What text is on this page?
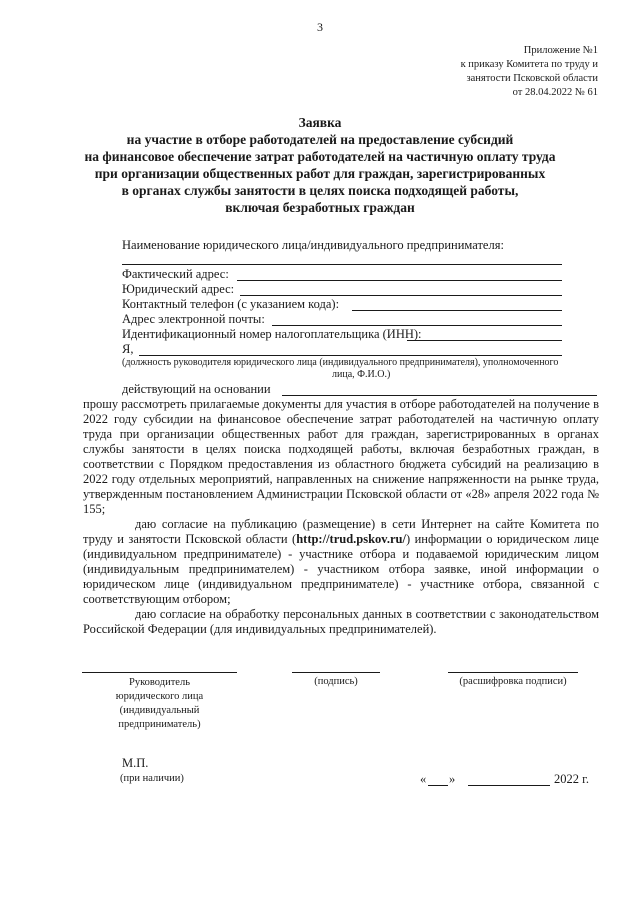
3
Приложение №1
к приказу Комитета по труду и
занятости Псковской области
от 28.04.2022 № 61
Заявка
на участие в отборе работодателей на предоставление субсидий
на финансовое обеспечение затрат работодателей на частичную оплату труда
при организации общественных работ для граждан, зарегистрированных
в органах службы занятости в целях поиска подходящей работы,
включая безработных граждан
Наименование юридического лица/индивидуального предпринимателя:
Фактический адрес:
Юридический адрес:
Контактный телефон (с указанием кода):
Адрес электронной почты:
Идентификационный номер налогоплательщика (ИНН):
Я,
(должность руководителя юридического лица (индивидуального предпринимателя), уполномоченного
лица, Ф.И.О.)
действующий на основании

прошу рассмотреть прилагаемые документы для участия в отборе работодателей на получение в 2022 году субсидии на финансовое обеспечение затрат работодателей на частичную оплату труда при организации общественных работ для граждан, зарегистрированных в органах службы занятости в целях поиска подходящей работы, включая безработных граждан, в соответствии с Порядком предоставления из областного бюджета субсидий на реализацию в 2022 году отдельных мероприятий, направленных на снижение напряженности на рынке труда, утвержденным постановлением Администрации Псковской области от «28» апреля 2022 года № 155;

даю согласие на публикацию (размещение) в сети Интернет на сайте Комитета по труду и занятости Псковской области (http://trud.pskov.ru/) информации о юридическом лице (индивидуальном предпринимателе) - участнике отбора и подаваемой юридическим лицом (индивидуальным предпринимателем) - участником отбора заявке, иной информации о юридическом лице (индивидуальном предпринимателе) - участнике отбора, связанной с соответствующим отбором;

даю согласие на обработку персональных данных в соответствии с законодательством Российской Федерации (для индивидуальных предпринимателей).

Руководитель
юридического лица
(индивидуальный
предприниматель)
(подпись)	(расшифровка подписи)
М.П.
(при наличии)	« »	2022 г.
